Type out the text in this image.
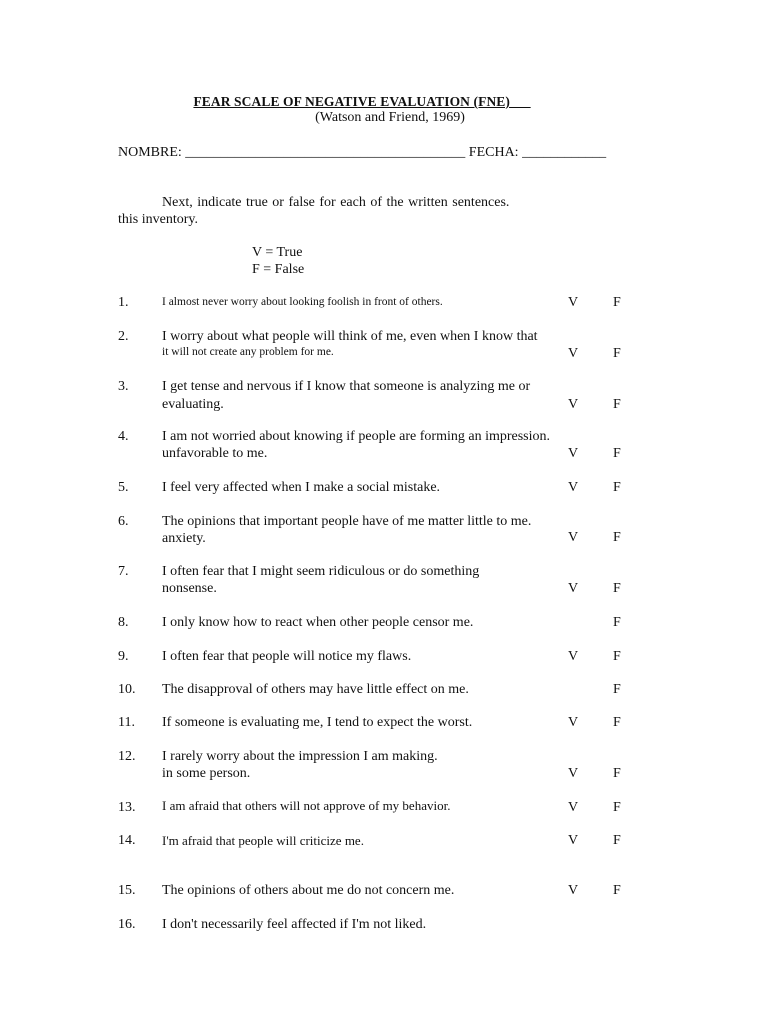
FEAR SCALE OF NEGATIVE EVALUATION (FNE)___
(Watson and Friend, 1969)
NOMBRE: ________________________________________ FECHA: ____________
Next, indicate true or false for each of the written sentences.
this inventory.
V = True
F = False
1.	I almost never worry about looking foolish in front of others.	V F
2. I worry about what people will think of me, even when I know that
it will not create any problem for me.	V F
3. I get tense and nervous if I know that someone is analyzing me or
evaluating.	V F
4. I am not worried about knowing if people are forming an impression.
unfavorable to me.	V F
5. I feel very affected when I make a social mistake.	V F
6. The opinions that important people have of me matter little to me.
anxiety.	V F
7. I often fear that I might seem ridiculous or do something
nonsense.	V F
8. I only know how to react when other people censor me.	F
9. I often fear that people will notice my flaws.	V F
10. The disapproval of others may have little effect on me.	F
11. If someone is evaluating me, I tend to expect the worst.	V F
12. I rarely worry about the impression I am making.
in some person.	V F
13. I am afraid that others will not approve of my behavior.	V F
14. I'm afraid that people will criticize me.	V F
15. The opinions of others about me do not concern me.	V F
16. I don't necessarily feel affected if I'm not liked.
